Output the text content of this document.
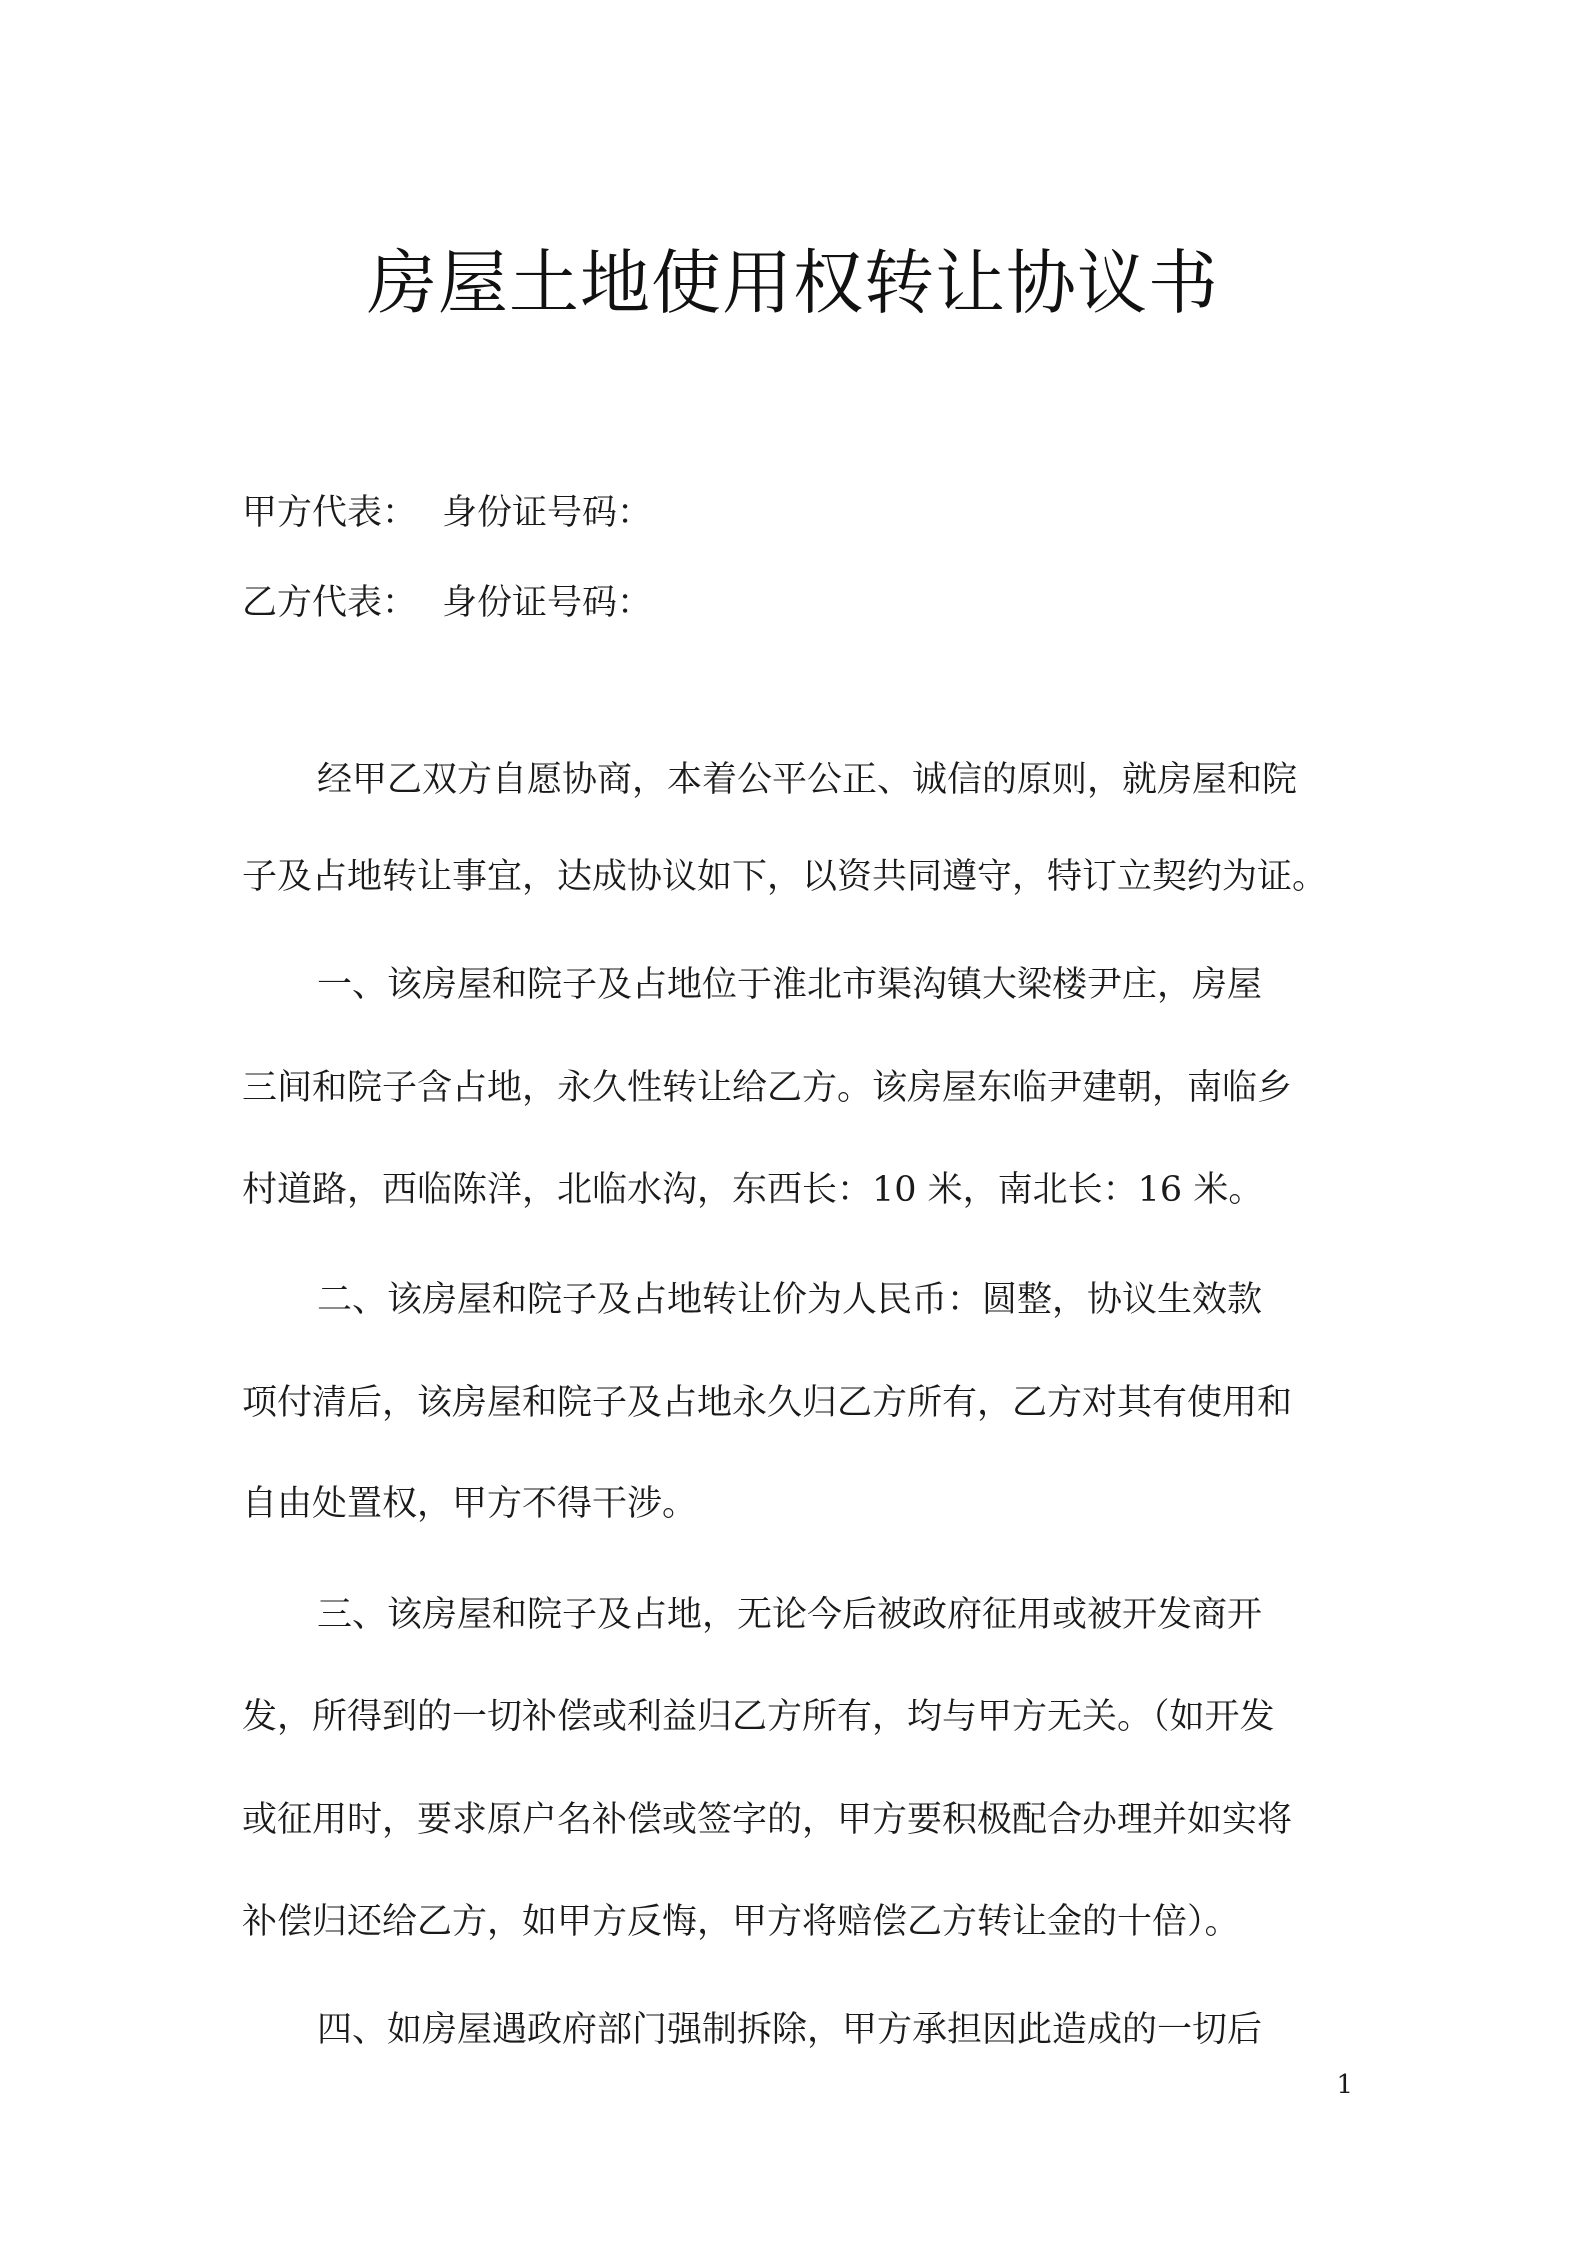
房屋土地使用权转让协议书
甲方代表： 身份证号码：
乙方代表： 身份证号码：
经甲乙双方自愿协商，本着公平公正、诚信的原则，就房屋和院
子及占地转让事宜，达成协议如下，以资共同遵守，特订立契约为证。
一、该房屋和院子及占地位于淮北市渠沟镇大梁楼尹庄，房屋
三间和院子含占地，永久性转让给乙方。该房屋东临尹建朝，南临乡
村道路，西临陈洋，北临水沟，东西长：10 米，南北长：16 米。
二、该房屋和院子及占地转让价为人民币：圆整，协议生效款
项付清后，该房屋和院子及占地永久归乙方所有，乙方对其有使用和
自由处置权，甲方不得干涉。
三、该房屋和院子及占地，无论今后被政府征用或被开发商开
发，所得到的一切补偿或利益归乙方所有，均与甲方无关。（如开发
或征用时，要求原户名补偿或签字的，甲方要积极配合办理并如实将
补偿归还给乙方，如甲方反悔，甲方将赔偿乙方转让金的十倍）。
四、如房屋遇政府部门强制拆除，甲方承担因此造成的一切后
1
